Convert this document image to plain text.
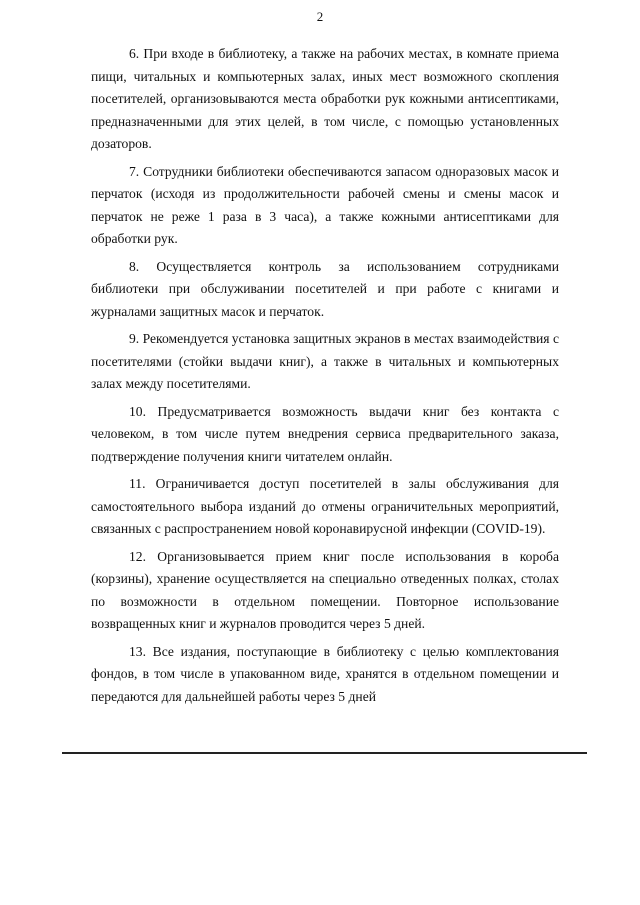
2

6. При входе в библиотеку, а также на рабочих местах, в комнате приема пищи, читальных и компьютерных залах, иных мест возможного скопления посетителей, организовываются места обработки рук кожными антисептиками, предназначенными для этих целей, в том числе, с помощью установленных дозаторов.

7. Сотрудники библиотеки обеспечиваются запасом одноразовых масок и перчаток (исходя из продолжительности рабочей смены и смены масок и перчаток не реже 1 раза в 3 часа), а также кожными антисептиками для обработки рук.

8. Осуществляется контроль за использованием сотрудниками библиотеки при обслуживании посетителей и при работе с книгами и журналами защитных масок и перчаток.

9. Рекомендуется установка защитных экранов в местах взаимодействия с посетителями (стойки выдачи книг), а также в читальных и компьютерных залах между посетителями.

10. Предусматривается возможность выдачи книг без контакта с человеком, в том числе путем внедрения сервиса предварительного заказа, подтверждение получения книги читателем онлайн.

11. Ограничивается доступ посетителей в залы обслуживания для самостоятельного выбора изданий до отмены ограничительных мероприятий, связанных с распространением новой коронавирусной инфекции (COVID-19).

12. Организовывается прием книг после использования в короба (корзины), хранение осуществляется на специально отведенных полках, столах по возможности в отдельном помещении. Повторное использование возвращенных книг и журналов проводится через 5 дней.

13. Все издания, поступающие в библиотеку с целью комплектования фондов, в том числе в упакованном виде, хранятся в отдельном помещении и передаются для дальнейшей работы через 5 дней
